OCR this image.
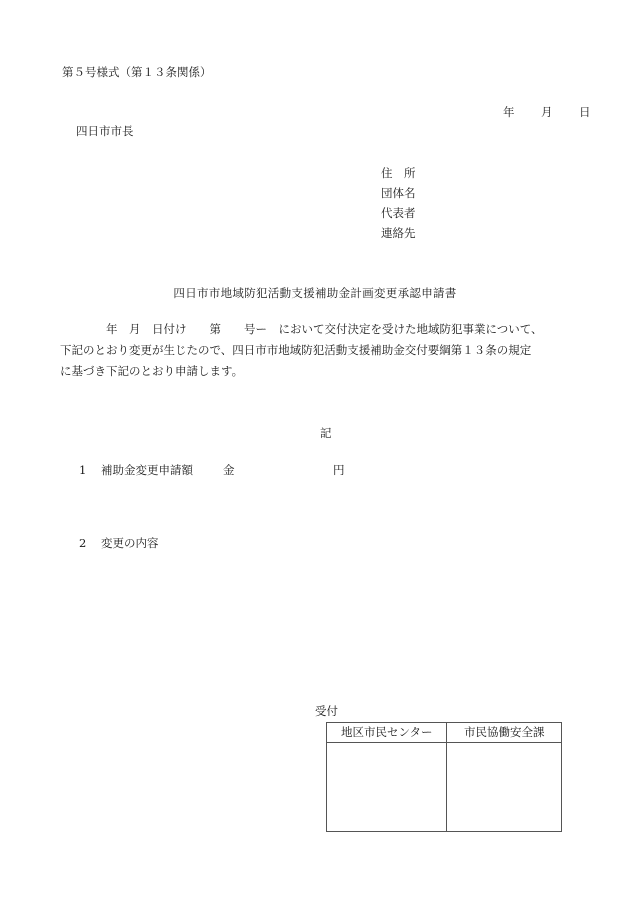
第５号様式（第１３条関係）
年 月 日
四日市市長
住　所
団体名
代表者
連絡先
四日市市地域防犯活動支援補助金計画変更承認申請書
　　　　年　月　日付け　　第　　号ー　において交付決定を受けた地域防犯事業について、
下記のとおり変更が生じたので、四日市市地域防犯活動支援補助金交付要綱第１３条の規定
に基づき下記のとおり申請します。
記
1 補助金変更申請額	金	円
2 変更の内容
受付
地区市民センター	市民協働安全課
